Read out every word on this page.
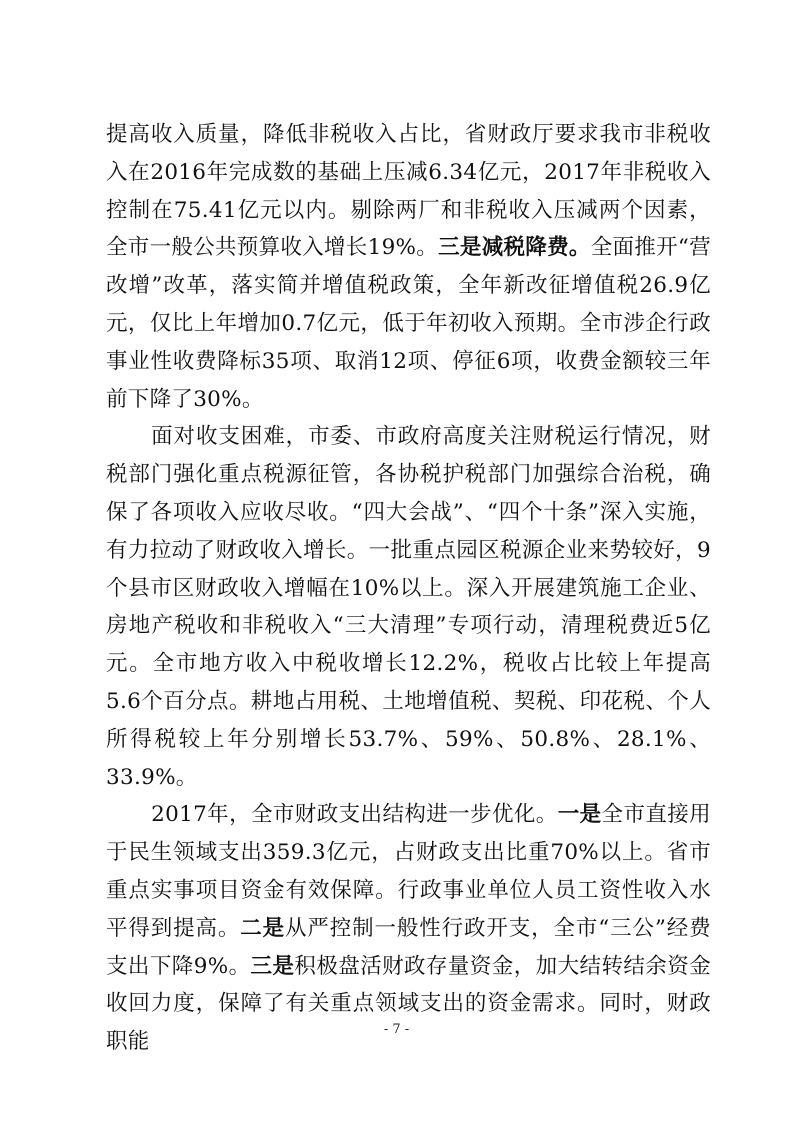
提高收入质量，降低非税收入占比，省财政厅要求我市非税收入在2016年完成数的基础上压减6.34亿元，2017年非税收入控制在75.41亿元以内。剔除两厂和非税收入压减两个因素，全市一般公共预算收入增长19%。三是减税降费。全面推开“营改增”改革，落实简并增值税政策，全年新改征增值税26.9亿元，仅比上年增加0.7亿元，低于年初收入预期。全市涉企行政事业性收费降标35项、取消12项、停征6项，收费金额较三年前下降了30%。

面对收支困难，市委、市政府高度关注财税运行情况，财税部门强化重点税源征管，各协税护税部门加强综合治税，确保了各项收入应收尽收。“四大会战”、“四个十条”深入实施，有力拉动了财政收入增长。一批重点园区税源企业来势较好，9个县市区财政收入增幅在10%以上。深入开展建筑施工企业、房地产税收和非税收入“三大清理”专项行动，清理税费近5亿元。全市地方收入中税收增长12.2%，税收占比较上年提高5.6个百分点。耕地占用税、土地增值税、契税、印花税、个人所得税较上年分别增长53.7%、59%、50.8%、28.1%、33.9%。

2017年，全市财政支出结构进一步优化。一是全市直接用于民生领域支出359.3亿元，占财政支出比重70%以上。省市重点实事项目资金有效保障。行政事业单位人员工资性收入水平得到提高。二是从严控制一般性行政开支，全市“三公”经费支出下降9%。三是积极盘活财政存量资金，加大结转结余资金收回力度，保障了有关重点领域支出的资金需求。同时，财政职能	- 7 -
